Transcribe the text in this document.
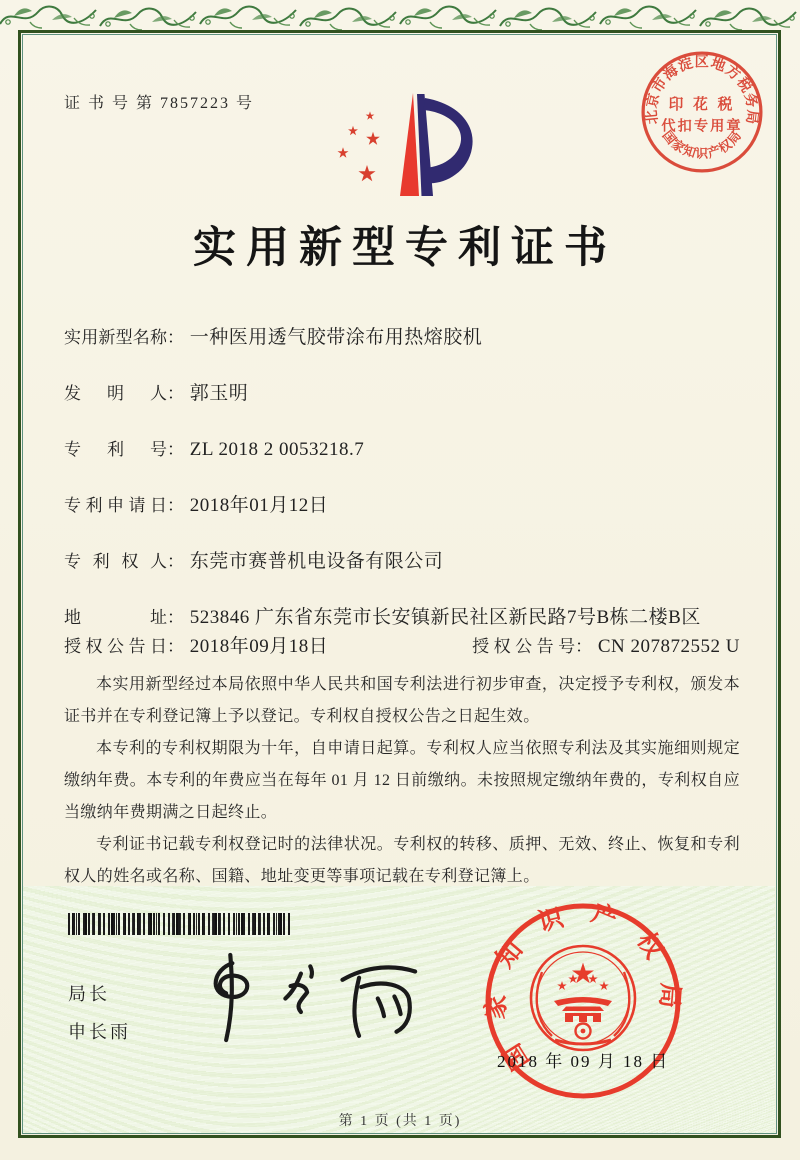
证 书 号 第 7857223 号
北京市海淀区地方税务局
国家知识产权局
印 花 税
代扣专用章
实用新型专利证书
实用新型名称： 一种医用透气胶带涂布用热熔胶机
发明人： 郭玉明
专利号： ZL 2018 2 0053218.7
专利申请日： 2018年01月12日
专利权人： 东莞市赛普机电设备有限公司
地址： 523846 广东省东莞市长安镇新民社区新民路7号B栋二楼B区
授权公告日： 2018年09月18日	授权公告号： CN 207872552 U

本实用新型经过本局依照中华人民共和国专利法进行初步审查，决定授予专利权，颁发本证书并在专利登记簿上予以登记。专利权自授权公告之日起生效。

本专利的专利权期限为十年，自申请日起算。专利权人应当依照专利法及其实施细则规定缴纳年费。本专利的年费应当在每年 01 月 12 日前缴纳。未按照规定缴纳年费的，专利权自应当缴纳年费期满之日起终止。

专利证书记载专利权登记时的法律状况。专利权的转移、质押、无效、终止、恢复和专利权人的姓名或名称、国籍、地址变更等事项记载在专利登记簿上。

局长
申长雨	国家知识产权局
2018 年 09 月 18 日
第 1 页 (共 1 页)
